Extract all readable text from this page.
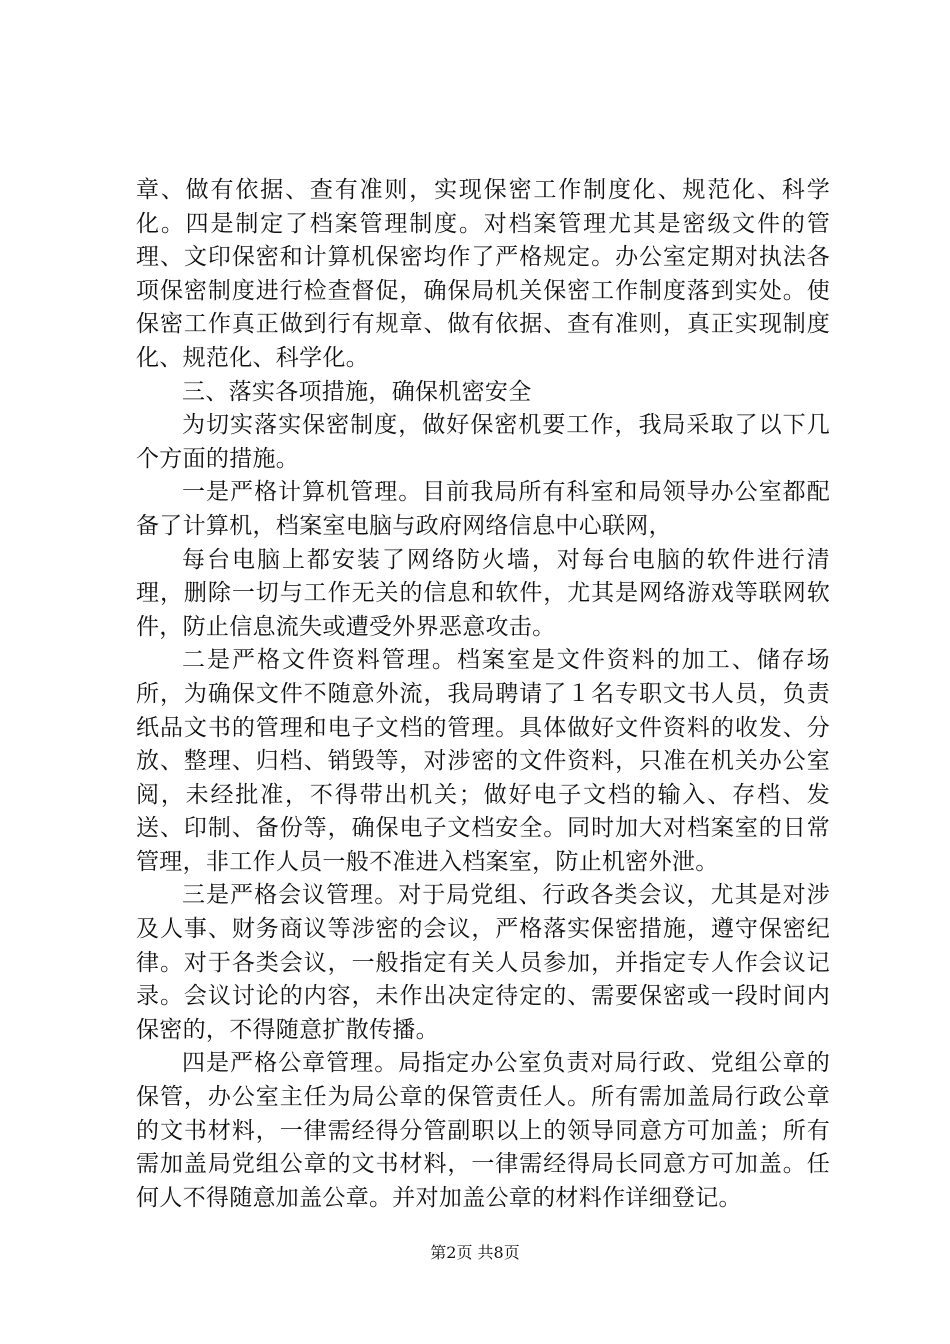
章、做有依据、查有准则，实现保密工作制度化、规范化、科学化。四是制定了档案管理制度。对档案管理尤其是密级文件的管理、文印保密和计算机保密均作了严格规定。办公室定期对执法各项保密制度进行检查督促，确保局机关保密工作制度落到实处。使保密工作真正做到行有规章、做有依据、查有准则，真正实现制度化、规范化、科学化。

三、落实各项措施，确保机密安全

为切实落实保密制度，做好保密机要工作，我局采取了以下几个方面的措施。

一是严格计算机管理。目前我局所有科室和局领导办公室都配备了计算机，档案室电脑与政府网络信息中心联网，

每台电脑上都安装了网络防火墙，对每台电脑的软件进行清理，删除一切与工作无关的信息和软件，尤其是网络游戏等联网软件，防止信息流失或遭受外界恶意攻击。

二是严格文件资料管理。档案室是文件资料的加工、储存场所，为确保文件不随意外流，我局聘请了１名专职文书人员，负责纸品文书的管理和电子文档的管理。具体做好文件资料的收发、分放、整理、归档、销毁等，对涉密的文件资料，只准在机关办公室阅，未经批准，不得带出机关；做好电子文档的输入、存档、发送、印制、备份等，确保电子文档安全。同时加大对档案室的日常管理，非工作人员一般不准进入档案室，防止机密外泄。

三是严格会议管理。对于局党组、行政各类会议，尤其是对涉及人事、财务商议等涉密的会议，严格落实保密措施，遵守保密纪律。对于各类会议，一般指定有关人员参加，并指定专人作会议记录。会议讨论的内容，未作出决定待定的、需要保密或一段时间内保密的，不得随意扩散传播。

四是严格公章管理。局指定办公室负责对局行政、党组公章的保管，办公室主任为局公章的保管责任人。所有需加盖局行政公章的文书材料，一律需经得分管副职以上的领导同意方可加盖；所有需加盖局党组公章的文书材料，一律需经得局长同意方可加盖。任何人不得随意加盖公章。并对加盖公章的材料作详细登记。

第2页 共8页
